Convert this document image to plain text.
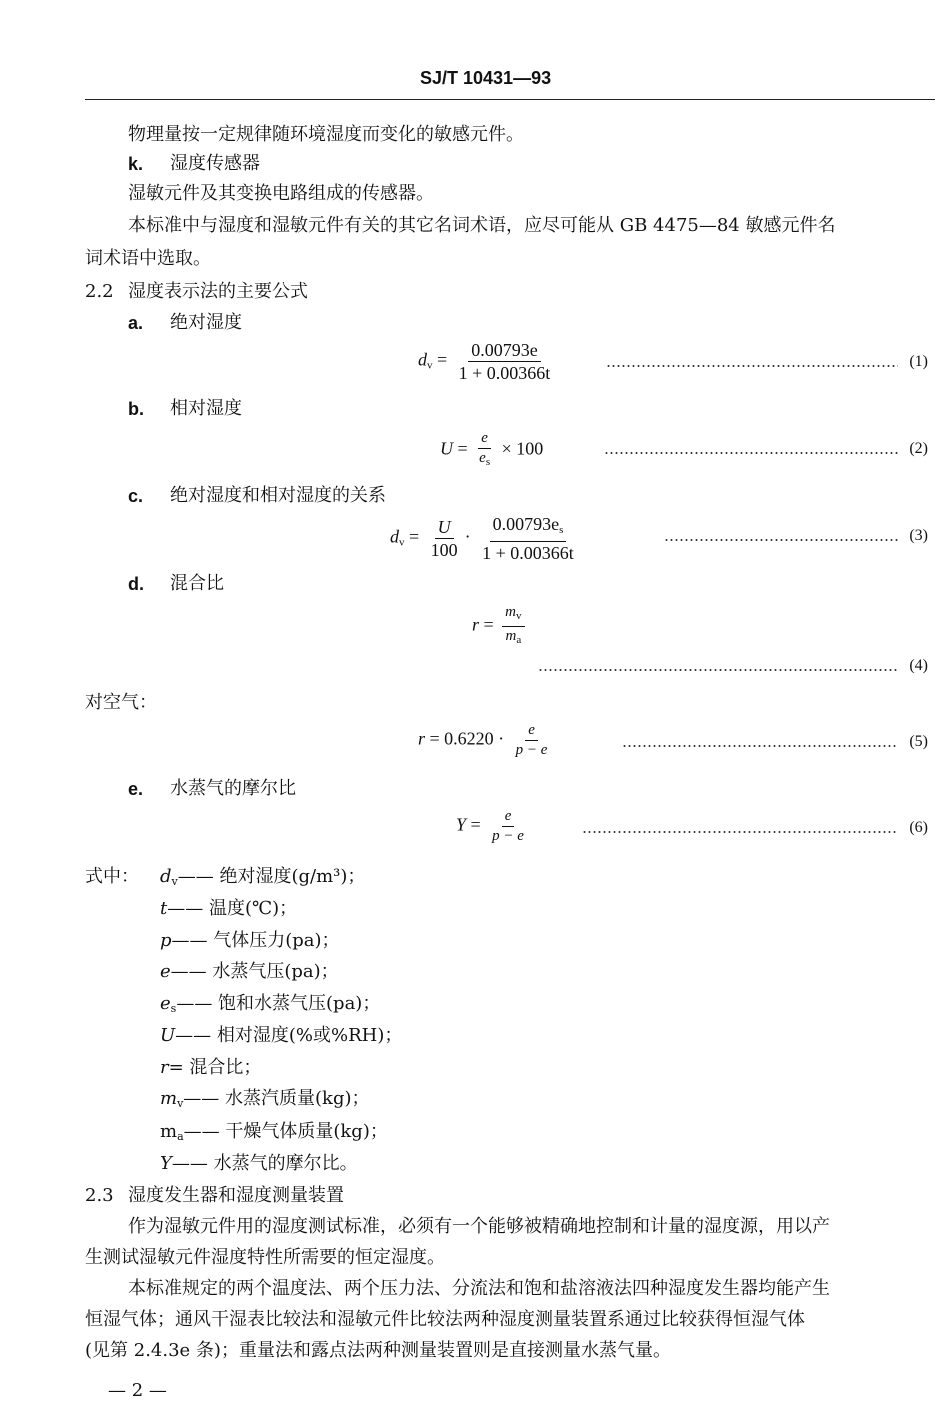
SJ/T 10431—93
物理量按一定规律随环境湿度而变化的敏感元件。
k. 湿度传感器
湿敏元件及其变换电路组成的传感器。
本标准中与湿度和湿敏元件有关的其它名词术语，应尽可能从 GB 4475—84 敏感元件名
词术语中选取。
2.2 湿度表示法的主要公式
a. 绝对湿度
$d_v = \frac{0.00793e}{1 + 0.00366t}$	(1)
b. 相对湿度
$U = \frac{e}{e_s} \times 100$	(2)
c. 绝对湿度和相对湿度的关系
$d_v = \frac{U}{100} \cdot \frac{0.00793e_s}{1 + 0.00366t}$	(3)
d. 混合比
$r = \frac{m_v}{m_a}$
(4)
对空气：
$r = 0.6220 \cdot \frac{e}{p - e}$	(5)
e. 水蒸气的摩尔比
$Y = \frac{e}{p - e}$	(6)
式中： $d_v——$ 绝对湿度(g/m³)；
t—— 温度(℃)；
p—— 气体压力(pa)；
e—— 水蒸气压(pa)；
$e_s——$ 饱和水蒸气压(pa)；
U—— 相对湿度(%或%RH)；
r= 混合比；
$m_v——$ 水蒸汽质量(kg)；
$m_a——$ 干燥气体质量(kg)；
Y—— 水蒸气的摩尔比。
2.3 湿度发生器和湿度测量装置
作为湿敏元件用的湿度测试标准，必须有一个能够被精确地控制和计量的湿度源，用以产
生测试湿敏元件湿度特性所需要的恒定湿度。
本标准规定的两个温度法、两个压力法、分流法和饱和盐溶液法四种湿度发生器均能产生
恒湿气体；通风干湿表比较法和湿敏元件比较法两种湿度测量装置系通过比较获得恒湿气体
(见第 2.4.3e 条)；重量法和露点法两种测量装置则是直接测量水蒸气量。
— 2 —
